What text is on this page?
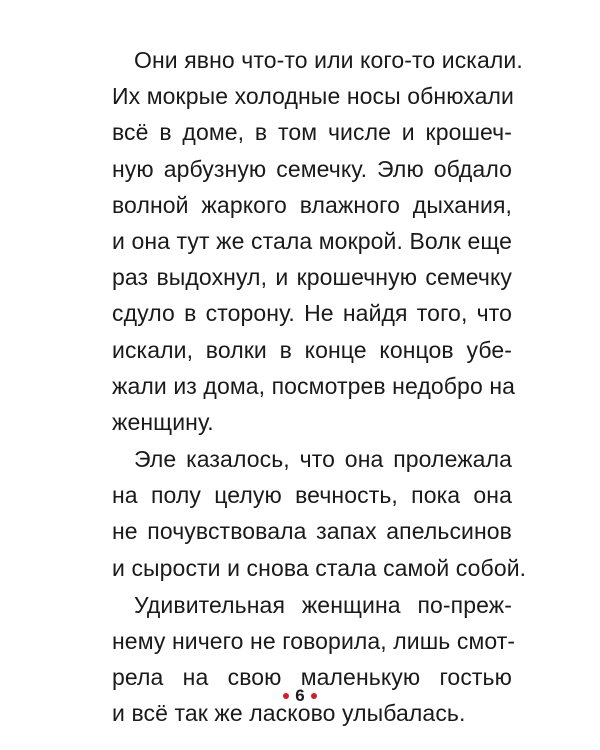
Они явно что-то или кого-то искали.
Их мокрые холодные носы обнюхали
всё в доме, в том числе и крошеч-
ную арбузную семечку. Элю обдало
волной жаркого влажного дыхания,
и она тут же стала мокрой. Волк еще
раз выдохнул, и крошечную семечку
сдуло в сторону. Не найдя того, что
искали, волки в конце концов убе-
жали из дома, посмотрев недобро на
женщину.
Эле казалось, что она пролежала
на полу целую вечность, пока она
не почувствовала запах апельсинов
и сырости и снова стала самой собой.
Удивительная женщина по-преж-
нему ничего не говорила, лишь смот-
рела на свою маленькую гостью
и всё так же ласково улыбалась.
6
